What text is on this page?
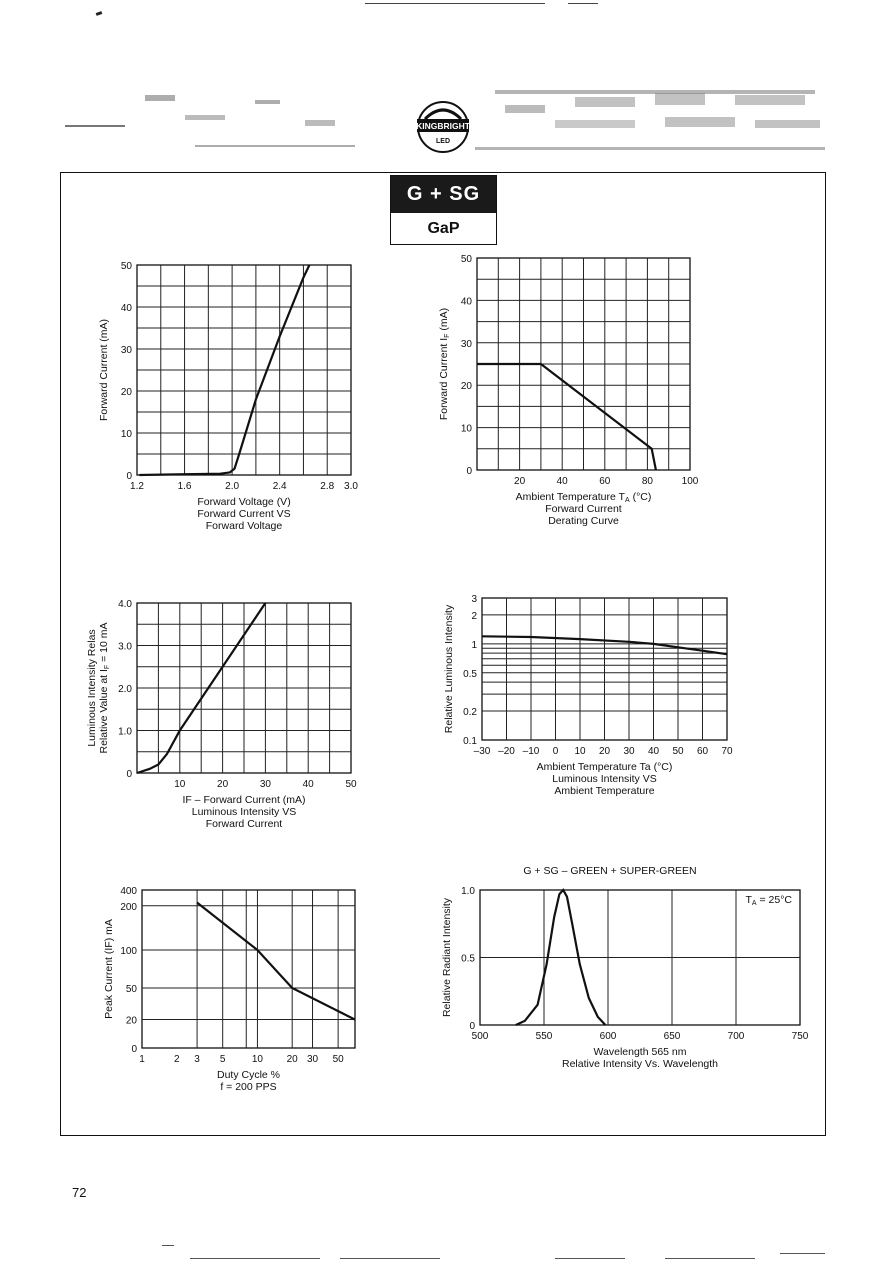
KINGBRIGHT
LED
G + SG
GaP
1.2	1.6	2.0	2.4	2.8 3.0
0
10
20
30
40
50
Forward Voltage (V)
Forward Current VS
Forward Voltage
Forward Current (mA)
20	40	60	80	100
0
10
20
30
40
50
Ambient Temperature TA (°C)
Forward Current
Derating Curve
Forward Current IF (mA)
10	20	30	40	50
0
1.0
2.0
3.0
4.0
IF – Forward Current (mA)
Luminous Intensity VS
Forward Current
Luminous Intensity Relas Relative Value at IF = 10 mA
–30 –20 –10 0 10 20 30 40 50 60 70
0.1
0.2
0.5
1
2
3
Ambient Temperature Ta (°C)
Luminous Intensity VS
Ambient Temperature
Relative Luminous Intensity
1	2 3 5	10 20 30 50
0
20
50
100
200
400
Duty Cycle %
f = 200 PPS
Peak Current (IF) mA
500	550	600	650	700	750
0
0.5
1.0
Wavelength 565 nm
Relative Intensity Vs. Wavelength
Relative Radiant Intensity
G + SG – GREEN + SUPER-GREEN
TA = 25°C
72
